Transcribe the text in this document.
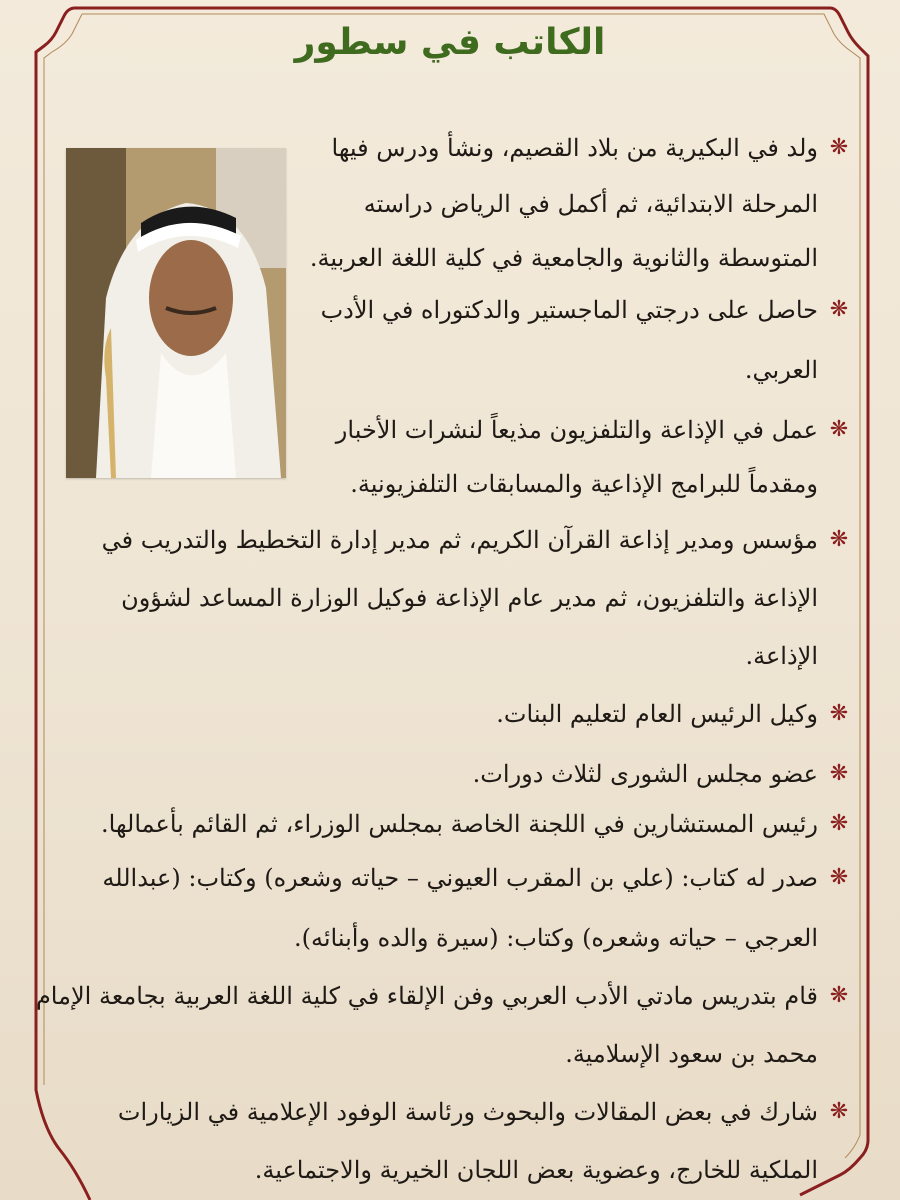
الكاتب في سطور
❋
ولد في البكيرية من بلاد القصيم، ونشأ ودرس فيها
المرحلة الابتدائية، ثم أكمل في الرياض دراسته
المتوسطة والثانوية والجامعية في كلية اللغة العربية.
❋
حاصل على درجتي الماجستير والدكتوراه في الأدب
العربي.
❋
عمل في الإذاعة والتلفزيون مذيعاً لنشرات الأخبار
ومقدماً للبرامج الإذاعية والمسابقات التلفزيونية.
❋
مؤسس ومدير إذاعة القرآن الكريم، ثم مدير إدارة التخطيط والتدريب في
الإذاعة والتلفزيون، ثم مدير عام الإذاعة فوكيل الوزارة المساعد لشؤون
الإذاعة.
❋
وكيل الرئيس العام لتعليم البنات.
❋
عضو مجلس الشورى لثلاث دورات.
❋
رئيس المستشارين في اللجنة الخاصة بمجلس الوزراء، ثم القائم بأعمالها.
❋
صدر له كتاب: (علي بن المقرب العيوني – حياته وشعره) وكتاب: (عبدالله
العرجي – حياته وشعره) وكتاب: (سيرة والده وأبنائه).
❋
قام بتدريس مادتي الأدب العربي وفن الإلقاء في كلية اللغة العربية بجامعة الإمام
محمد بن سعود الإسلامية.
❋
شارك في بعض المقالات والبحوث ورئاسة الوفود الإعلامية في الزيارات
الملكية للخارج، وعضوية بعض اللجان الخيرية والاجتماعية.
